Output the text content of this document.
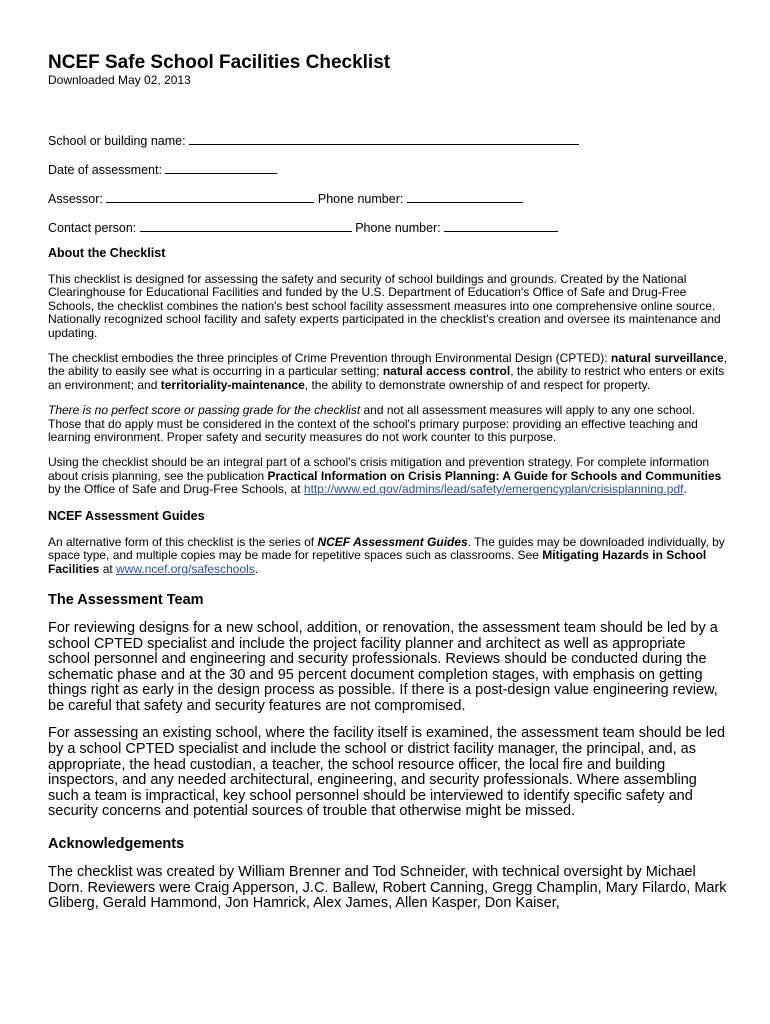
NCEF Safe School Facilities Checklist
Downloaded May 02, 2013
School or building name:
Date of assessment:
Assessor:	Phone number:
Contact person:	Phone number:
About the Checklist

This checklist is designed for assessing the safety and security of school buildings and grounds. Created by the National Clearinghouse for Educational Facilities and funded by the U.S. Department of Education's Office of Safe and Drug-Free Schools, the checklist combines the nation's best school facility assessment measures into one comprehensive online source. Nationally recognized school facility and safety experts participated in the checklist's creation and oversee its maintenance and updating.

The checklist embodies the three principles of Crime Prevention through Environmental Design (CPTED): natural surveillance, the ability to easily see what is occurring in a particular setting; natural access control, the ability to restrict who enters or exits an environment; and territoriality-maintenance, the ability to demonstrate ownership of and respect for property.

There is no perfect score or passing grade for the checklist and not all assessment measures will apply to any one school. Those that do apply must be considered in the context of the school's primary purpose: providing an effective teaching and learning environment. Proper safety and security measures do not work counter to this purpose.

Using the checklist should be an integral part of a school's crisis mitigation and prevention strategy. For complete information about crisis planning, see the publication Practical Information on Crisis Planning: A Guide for Schools and Communities by the Office of Safe and Drug-Free Schools, at http://www.ed.gov/admins/lead/safety/emergencyplan/crisisplanning.pdf.

NCEF Assessment Guides

An alternative form of this checklist is the series of NCEF Assessment Guides. The guides may be downloaded individually, by space type, and multiple copies may be made for repetitive spaces such as classrooms. See Mitigating Hazards in School Facilities at www.ncef.org/safeschools.

The Assessment Team

For reviewing designs for a new school, addition, or renovation, the assessment team should be led by a school CPTED specialist and include the project facility planner and architect as well as appropriate school personnel and engineering and security professionals. Reviews should be conducted during the schematic phase and at the 30 and 95 percent document completion stages, with emphasis on getting things right as early in the design process as possible. If there is a post-design value engineering review, be careful that safety and security features are not compromised.

For assessing an existing school, where the facility itself is examined, the assessment team should be led by a school CPTED specialist and include the school or district facility manager, the principal, and, as appropriate, the head custodian, a teacher, the school resource officer, the local fire and building inspectors, and any needed architectural, engineering, and security professionals. Where assembling such a team is impractical, key school personnel should be interviewed to identify specific safety and security concerns and potential sources of trouble that otherwise might be missed.

Acknowledgements

The checklist was created by William Brenner and Tod Schneider, with technical oversight by Michael Dorn. Reviewers were Craig Apperson, J.C. Ballew, Robert Canning, Gregg Champlin, Mary Filardo, Mark Gliberg, Gerald Hammond, Jon Hamrick, Alex James, Allen Kasper, Don Kaiser,
